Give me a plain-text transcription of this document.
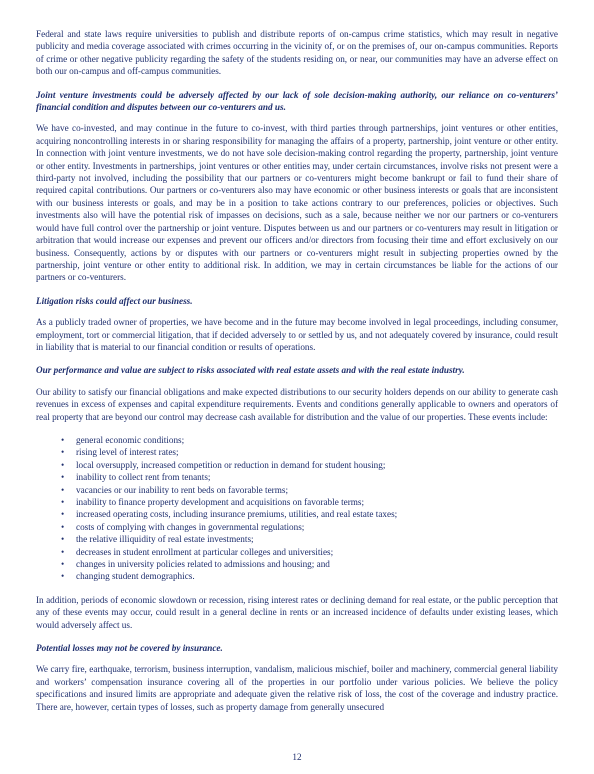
Federal and state laws require universities to publish and distribute reports of on-campus crime statistics, which may result in negative publicity and media coverage associated with crimes occurring in the vicinity of, or on the premises of, our on-campus communities. Reports of crime or other negative publicity regarding the safety of the students residing on, or near, our communities may have an adverse effect on both our on-campus and off-campus communities.

Joint venture investments could be adversely affected by our lack of sole decision-making authority, our reliance on co-venturers’ financial condition and disputes between our co-venturers and us.

We have co-invested, and may continue in the future to co-invest, with third parties through partnerships, joint ventures or other entities, acquiring noncontrolling interests in or sharing responsibility for managing the affairs of a property, partnership, joint venture or other entity. In connection with joint venture investments, we do not have sole decision-making control regarding the property, partnership, joint venture or other entity. Investments in partnerships, joint ventures or other entities may, under certain circumstances, involve risks not present were a third-party not involved, including the possibility that our partners or co-venturers might become bankrupt or fail to fund their share of required capital contributions. Our partners or co-venturers also may have economic or other business interests or goals that are inconsistent with our business interests or goals, and may be in a position to take actions contrary to our preferences, policies or objectives. Such investments also will have the potential risk of impasses on decisions, such as a sale, because neither we nor our partners or co-venturers would have full control over the partnership or joint venture. Disputes between us and our partners or co-venturers may result in litigation or arbitration that would increase our expenses and prevent our officers and/or directors from focusing their time and effort exclusively on our business. Consequently, actions by or disputes with our partners or co-venturers might result in subjecting properties owned by the partnership, joint venture or other entity to additional risk. In addition, we may in certain circumstances be liable for the actions of our partners or co-venturers.

Litigation risks could affect our business.

As a publicly traded owner of properties, we have become and in the future may become involved in legal proceedings, including consumer, employment, tort or commercial litigation, that if decided adversely to or settled by us, and not adequately covered by insurance, could result in liability that is material to our financial condition or results of operations.

Our performance and value are subject to risks associated with real estate assets and with the real estate industry.

Our ability to satisfy our financial obligations and make expected distributions to our security holders depends on our ability to generate cash revenues in excess of expenses and capital expenditure requirements. Events and conditions generally applicable to owners and operators of real property that are beyond our control may decrease cash available for distribution and the value of our properties. These events include:

• general economic conditions;
• rising level of interest rates;
• local oversupply, increased competition or reduction in demand for student housing;
• inability to collect rent from tenants;
• vacancies or our inability to rent beds on favorable terms;
• inability to finance property development and acquisitions on favorable terms;
• increased operating costs, including insurance premiums, utilities, and real estate taxes;
• costs of complying with changes in governmental regulations;
• the relative illiquidity of real estate investments;
• decreases in student enrollment at particular colleges and universities;
• changes in university policies related to admissions and housing; and
• changing student demographics.

In addition, periods of economic slowdown or recession, rising interest rates or declining demand for real estate, or the public perception that any of these events may occur, could result in a general decline in rents or an increased incidence of defaults under existing leases, which would adversely affect us.

Potential losses may not be covered by insurance.

We carry fire, earthquake, terrorism, business interruption, vandalism, malicious mischief, boiler and machinery, commercial general liability and workers’ compensation insurance covering all of the properties in our portfolio under various policies. We believe the policy specifications and insured limits are appropriate and adequate given the relative risk of loss, the cost of the coverage and industry practice. There are, however, certain types of losses, such as property damage from generally unsecured

12
